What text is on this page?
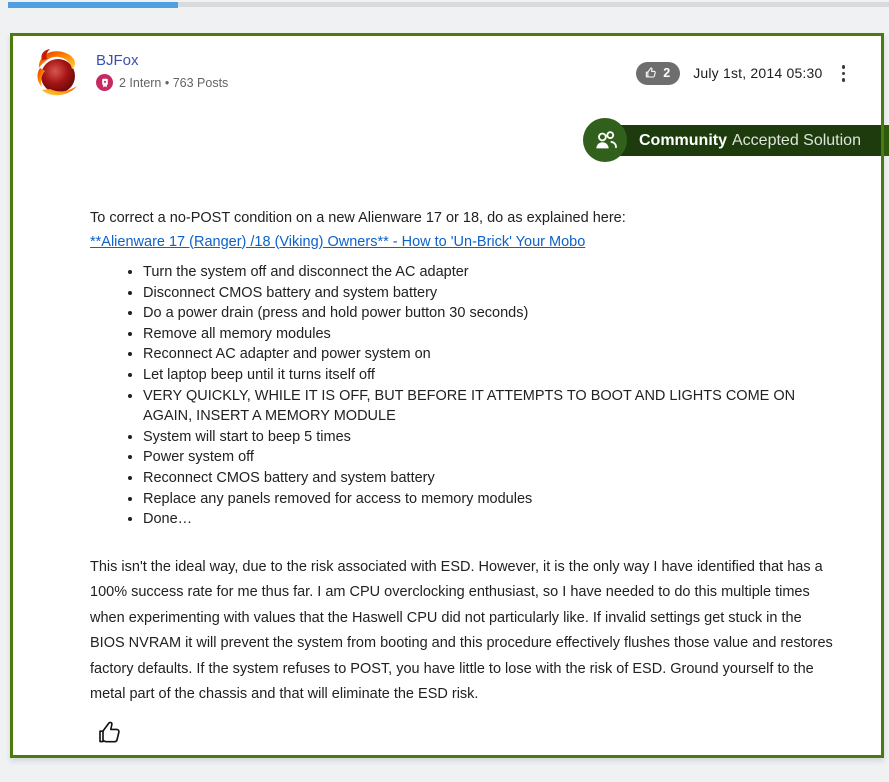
BJFox
2 Intern • 763 Posts
2 July 1st, 2014 05:30
Community Accepted Solution
To correct a no-POST condition on a new Alienware 17 or 18, do as explained here:
**Alienware 17 (Ranger) /18 (Viking) Owners** - How to 'Un-Brick' Your Mobo
• Turn the system off and disconnect the AC adapter
• Disconnect CMOS battery and system battery
• Do a power drain (press and hold power button 30 seconds)
• Remove all memory modules
• Reconnect AC adapter and power system on
• Let laptop beep until it turns itself off
• VERY QUICKLY, WHILE IT IS OFF, BUT BEFORE IT ATTEMPTS TO BOOT AND LIGHTS COME ON AGAIN, INSERT A MEMORY MODULE
• System will start to beep 5 times
• Power system off
• Reconnect CMOS battery and system battery
• Replace any panels removed for access to memory modules
• Done…
This isn't the ideal way, due to the risk associated with ESD. However, it is the only way I have identified that has a 100% success rate for me thus far. I am CPU overclocking enthusiast, so I have needed to do this multiple times when experimenting with values that the Haswell CPU did not particularly like. If invalid settings get stuck in the BIOS NVRAM it will prevent the system from booting and this procedure effectively flushes those value and restores factory defaults. If the system refuses to POST, you have little to lose with the risk of ESD. Ground yourself to the metal part of the chassis and that will eliminate the ESD risk.
